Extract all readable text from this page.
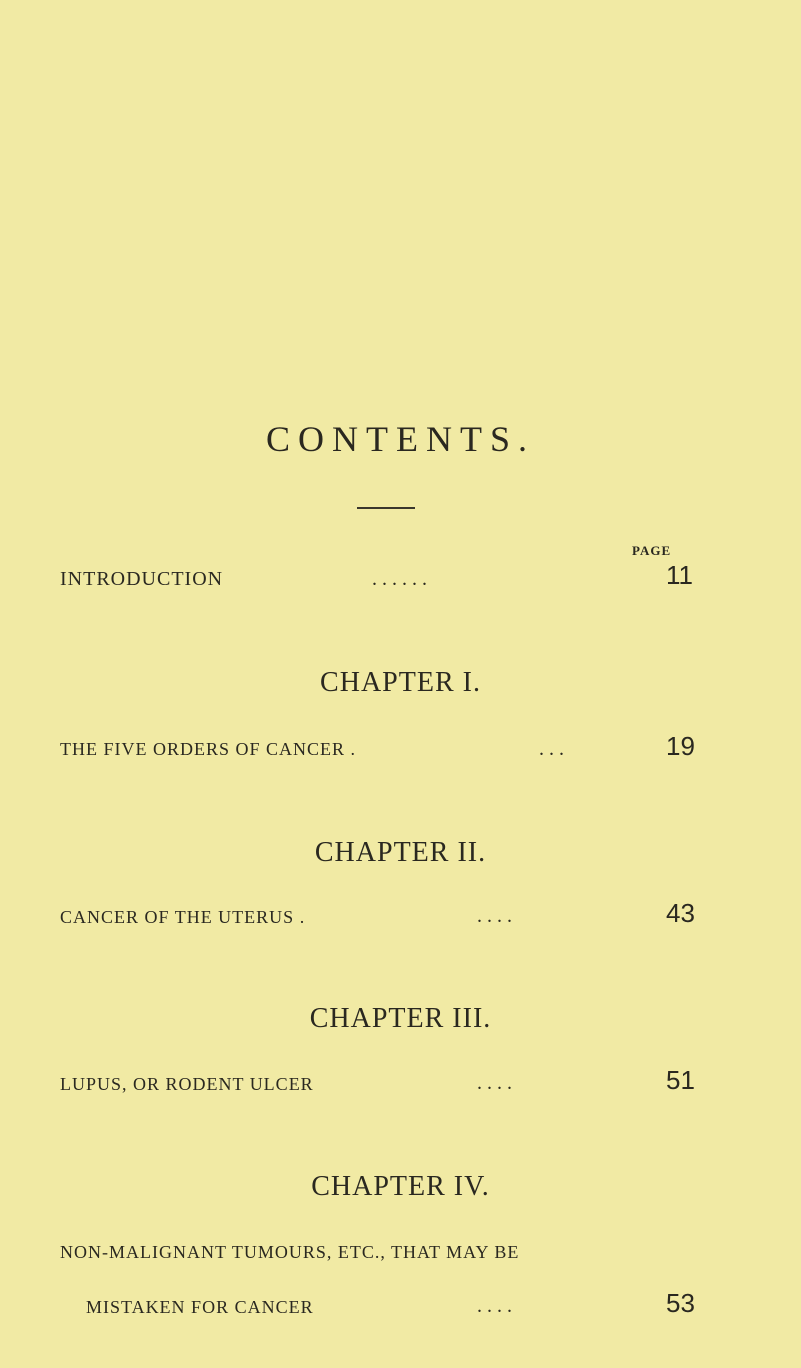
CONTENTS.
PAGE
INTRODUCTION	. . . . . .	11
CHAPTER I.
THE FIVE ORDERS OF CANCER .	. . .	19
CHAPTER II.
CANCER OF THE UTERUS .	. . . .	43
CHAPTER III.
LUPUS, OR RODENT ULCER	. . . .	51
CHAPTER IV.
NON-MALIGNANT TUMOURS, ETC., THAT MAY BE
MISTAKEN FOR CANCER	. . . .	53
